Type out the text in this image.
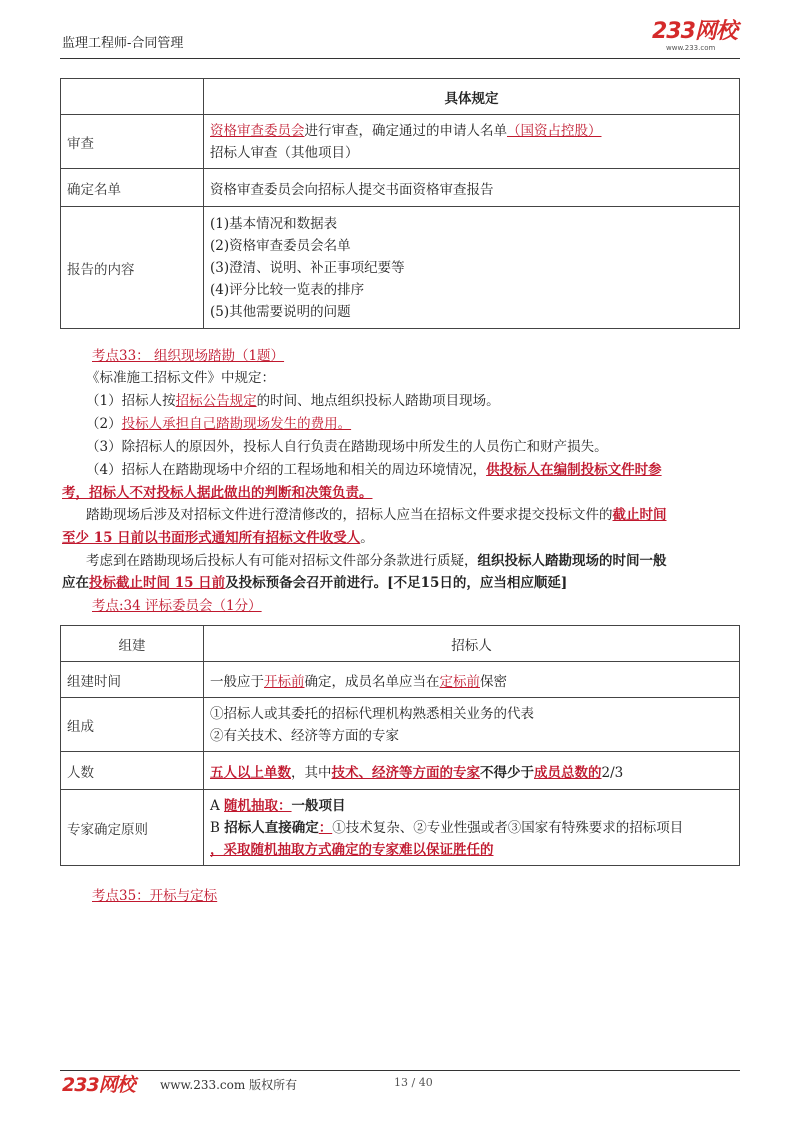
监理工程师-合同管理	233网校
www.233.com
	具体规定
审查	资格审查委员会进行审查，确定通过的申请人名单（国资占控股）
招标人审查（其他项目）

确定名单	资格审查委员会向招标人提交书面资格审查报告
报告的内容	(1)基本情况和数据表
(2)资格审查委员会名单
(3)澄清、说明、补正事项纪要等
(4)评分比较一览表的排序
(5)其他需要说明的问题
考点33： 组织现场踏勘（1题）
《标准施工招标文件》中规定：
（1）招标人按招标公告规定的时间、地点组织投标人踏勘项目现场。
（2）投标人承担自己踏勘现场发生的费用。
（3）除招标人的原因外，投标人自行负责在踏勘现场中所发生的人员伤亡和财产损失。
（4）招标人在踏勘现场中介绍的工程场地和相关的周边环境情况，供投标人在编制投标文件时参
考，招标人不对投标人据此做出的判断和决策负责。
踏勘现场后涉及对招标文件进行澄清修改的，招标人应当在招标文件要求提交投标文件的截止时间
至少 15 日前以书面形式通知所有招标文件收受人。
考虑到在踏勘现场后投标人有可能对招标文件部分条款进行质疑，组织投标人踏勘现场的时间一般
应在投标截止时间 15 日前及投标预备会召开前进行。[不足15日的，应当相应顺延]
考点:34 评标委员会（1分）
组建	招标人
组建时间	一般应于开标前确定，成员名单应当在定标前保密
组成	①招标人或其委托的招标代理机构熟悉相关业务的代表
②有关技术、经济等方面的专家

人数	五人以上单数，其中技术、经济等方面的专家不得少于成员总数的2/3
专家确定原则	A 随机抽取：一般项目
B 招标人直接确定：①技术复杂、②专业性强或者③国家有特殊要求的招标项目
，采取随机抽取方式确定的专家难以保证胜任的
考点35：开标与定标
233网校 www.233.com 版权所有	13 / 40
